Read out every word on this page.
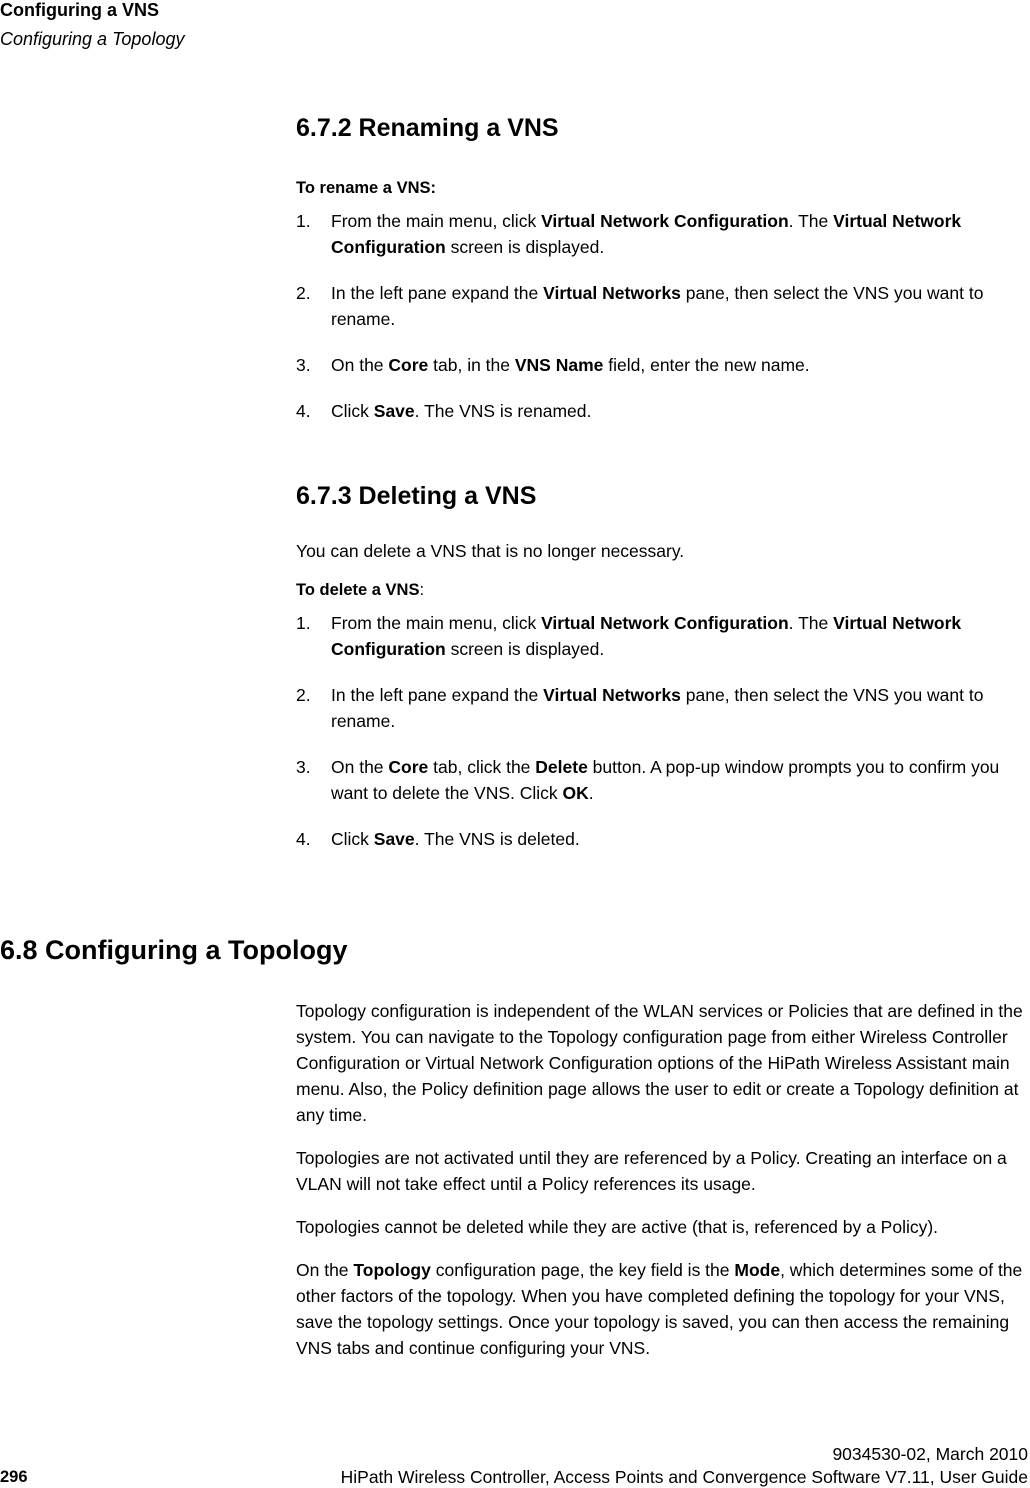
Configuring a VNS
Configuring a Topology
6.7.2 Renaming a VNS

To rename a VNS:

1. From the main menu, click Virtual Network Configuration. The Virtual Network Configuration screen is displayed.
2. In the left pane expand the Virtual Networks pane, then select the VNS you want to rename.
3. On the Core tab, in the VNS Name field, enter the new name.
4. Click Save. The VNS is renamed.
6.7.3 Deleting a VNS

You can delete a VNS that is no longer necessary.

To delete a VNS:

1. From the main menu, click Virtual Network Configuration. The Virtual Network Configuration screen is displayed.
2. In the left pane expand the Virtual Networks pane, then select the VNS you want to rename.
3. On the Core tab, click the Delete button. A pop-up window prompts you to confirm you want to delete the VNS. Click OK.
4. Click Save. The VNS is deleted.
6.8 Configuring a Topology

Topology configuration is independent of the WLAN services or Policies that are defined in the system. You can navigate to the Topology configuration page from either Wireless Controller Configuration or Virtual Network Configuration options of the HiPath Wireless Assistant main menu. Also, the Policy definition page allows the user to edit or create a Topology definition at any time.

Topologies are not activated until they are referenced by a Policy. Creating an interface on a VLAN will not take effect until a Policy references its usage.

Topologies cannot be deleted while they are active (that is, referenced by a Policy).

On the Topology configuration page, the key field is the Mode, which determines some of the other factors of the topology. When you have completed defining the topology for your VNS, save the topology settings. Once your topology is saved, you can then access the remaining VNS tabs and continue configuring your VNS.

296
9034530-02, March 2010
HiPath Wireless Controller, Access Points and Convergence Software V7.11, User Guide
